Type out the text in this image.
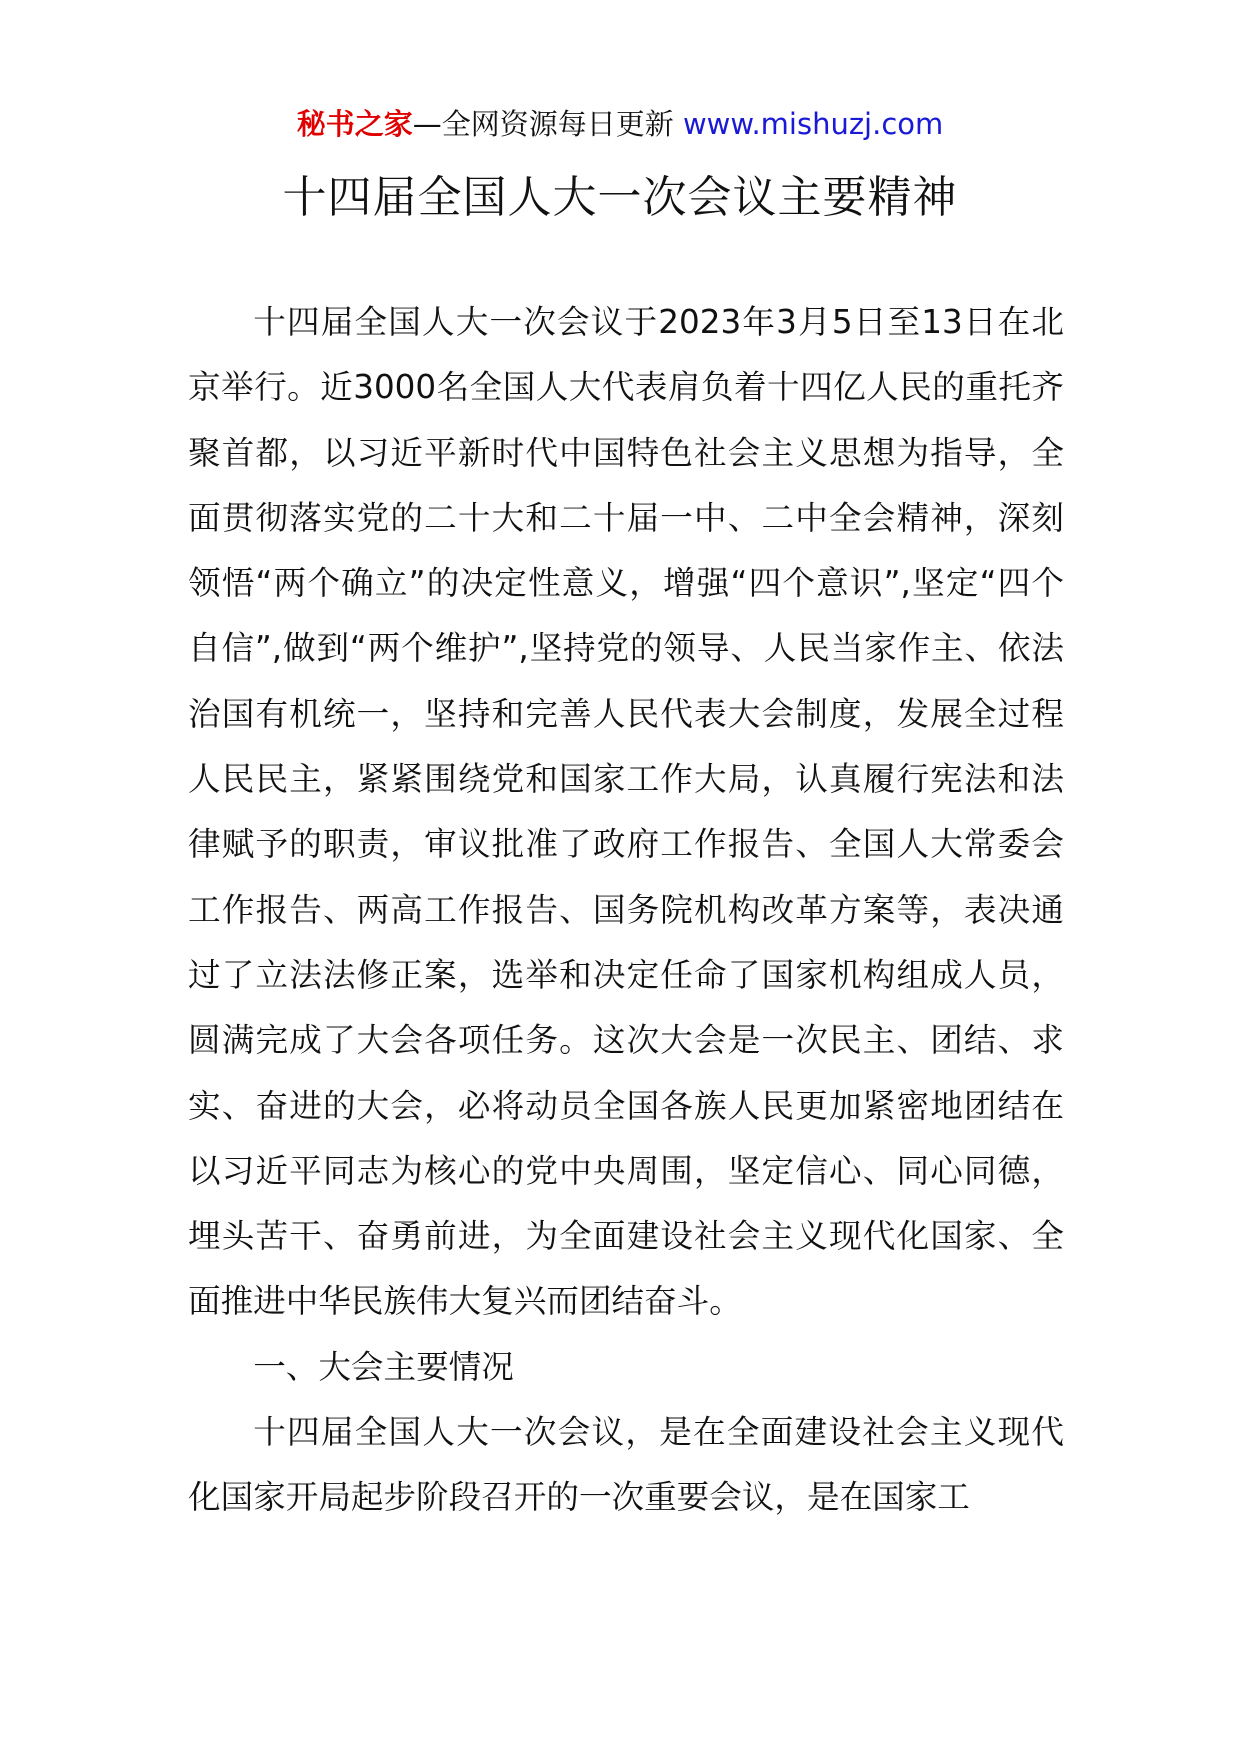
秘书之家—全网资源每日更新 www.mishuzj.com
十四届全国人大一次会议主要精神

十四届全国人大一次会议于2023年3月5日至13日在北京举行。近3000名全国人大代表肩负着十四亿人民的重托齐聚首都，以习近平新时代中国特色社会主义思想为指导，全面贯彻落实党的二十大和二十届一中、二中全会精神，深刻领悟“两个确立”的决定性意义，增强“四个意识”,坚定“四个自信”,做到“两个维护”,坚持党的领导、人民当家作主、依法治国有机统一，坚持和完善人民代表大会制度，发展全过程人民民主，紧紧围绕党和国家工作大局，认真履行宪法和法律赋予的职责，审议批准了政府工作报告、全国人大常委会工作报告、两高工作报告、国务院机构改革方案等，表决通过了立法法修正案，选举和决定任命了国家机构组成人员，圆满完成了大会各项任务。这次大会是一次民主、团结、求实、奋进的大会，必将动员全国各族人民更加紧密地团结在以习近平同志为核心的党中央周围，坚定信心、同心同德，埋头苦干、奋勇前进，为全面建设社会主义现代化国家、全面推进中华民族伟大复兴而团结奋斗。

一、大会主要情况

十四届全国人大一次会议，是在全面建设社会主义现代化国家开局起步阶段召开的一次重要会议，是在国家工
